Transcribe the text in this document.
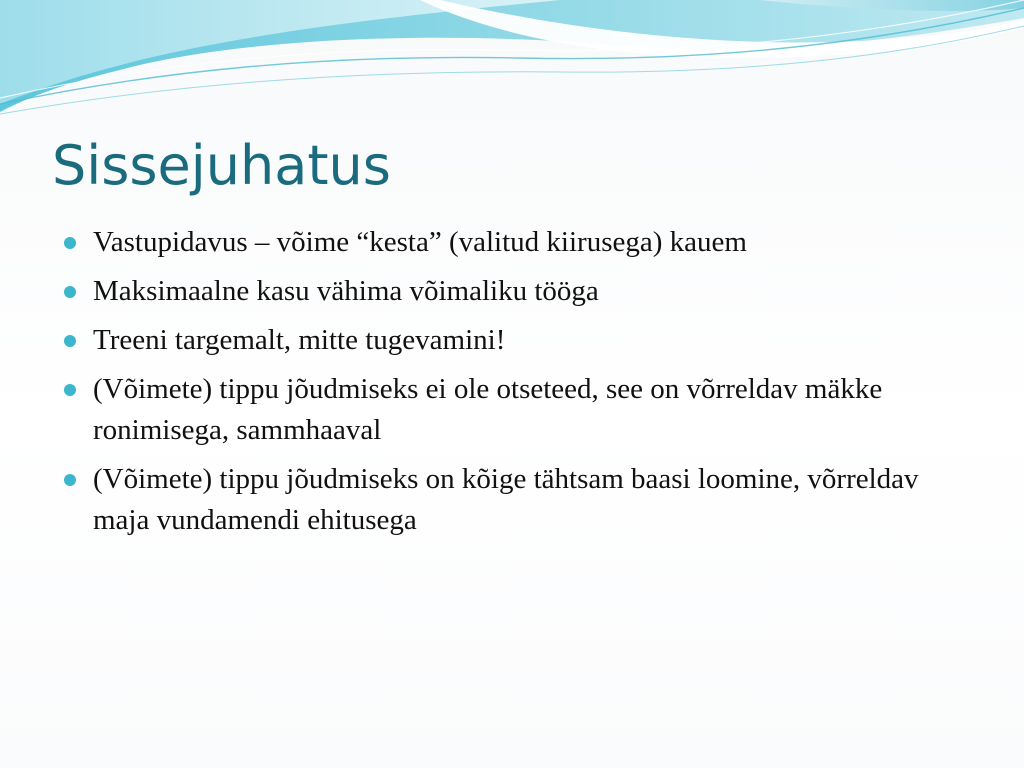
Sissejuhatus
Vastupidavus – võime “kesta” (valitud kiirusega) kauem
Maksimaalne kasu vähima võimaliku tööga
Treeni targemalt, mitte tugevamini!
(Võimete) tippu jõudmiseks ei ole otseteed, see on võrreldav mäkke ronimisega, sammhaaval
(Võimete) tippu jõudmiseks on kõige tähtsam baasi loomine, võrreldav maja vundamendi ehitusega
